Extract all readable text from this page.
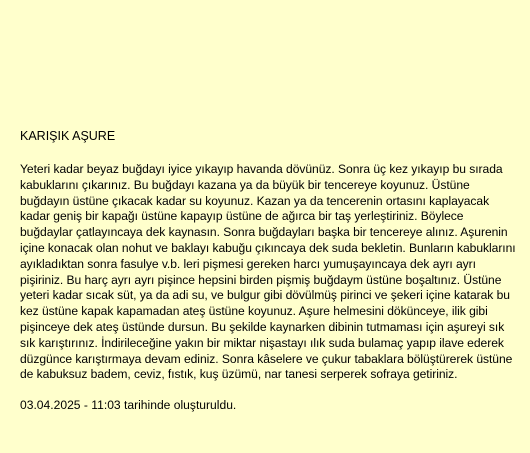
KARIŞIK AŞURE

Yeteri kadar beyaz buğdayı iyice yıkayıp havanda dövünüz. Sonra üç kez yıkayıp bu sırada kabuklarını çıkarınız. Bu buğdayı kazana ya da büyük bir tencereye koyunuz. Üstüne buğdayın üstüne çıkacak kadar su koyunuz. Kazan ya da tencerenin ortasını kaplayacak kadar geniş bir kapağı üstüne kapayıp üstüne de ağırca bir taş yerleştiriniz. Böylece buğdaylar çatlayıncaya dek kaynasın. Sonra buğdayları başka bir tencereye alınız. Aşurenin içine konacak olan nohut ve baklayı kabuğu çıkıncaya dek suda bekletin. Bunların kabuklarını ayıkladıktan sonra fasulye v.b. leri pişmesi gereken harcı yumuşayıncaya dek ayrı ayrı pişiriniz. Bu harç ayrı ayrı pişince hepsini birden pişmiş buğdaym üstüne boşaltınız. Üstüne yeteri kadar sıcak süt, ya da adi su, ve bulgur gibi dövülmüş pirinci ve şekeri içine katarak bu kez üstüne kapak kapamadan ateş üstüne koyunuz. Aşure helmesini dökünceye, ilik gibi pişinceye dek ateş üstünde dursun. Bu şekilde kaynarken dibinin tutmaması için aşureyi sık sık karıştırınız. İndirileceğine yakın bir miktar nişastayı ılık suda bulamaç yapıp ilave ederek düzgünce karıştırmaya devam ediniz. Sonra kâselere ve çukur tabaklara bölüştürerek üstüne de kabuksuz badem, ceviz, fıstık, kuş üzümü, nar tanesi serperek sofraya getiriniz.

03.04.2025 - 11:03 tarihinde oluşturuldu.
